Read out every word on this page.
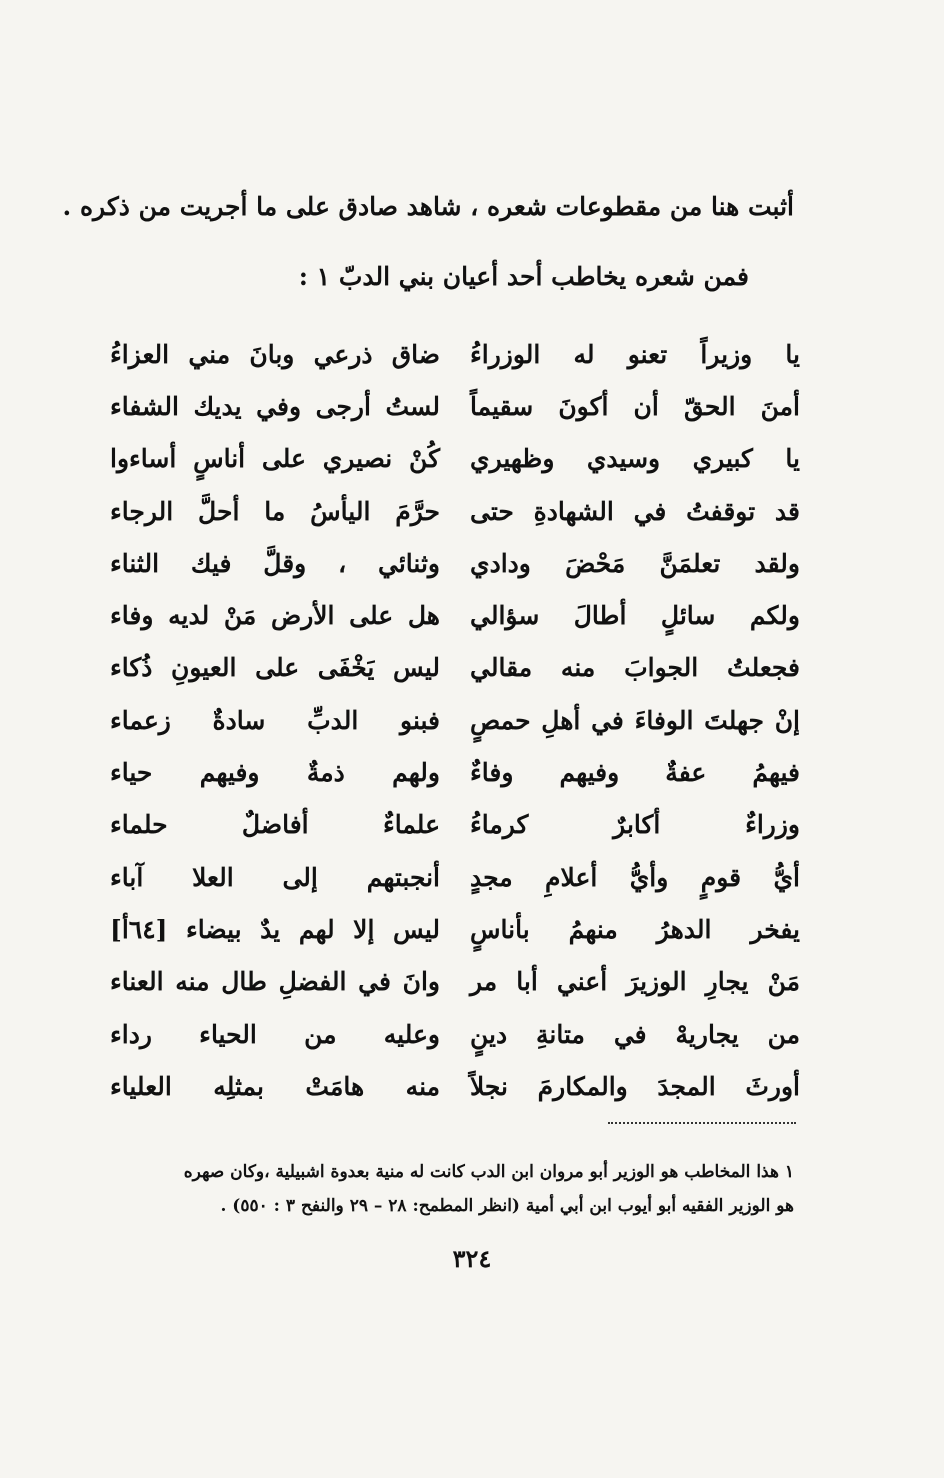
أثبت هنا من مقطوعات شعره ، شاهد صادق على ما أجريت من ذكره .
فمن شعره يخاطب أحد أعيان بني الدبّ ١ :
يا وزيراً تعنو له الوزراءُ
ضاق ذرعي وبانَ مني العزاءُ
أمنَ الحقّ أن أكونَ سقيماً
لستُ أرجى وفي يديك الشفاء
يا كبيري وسيدي وظهيري
كُنْ نصيري على أناسٍ أساءوا
قد توقفتُ في الشهادةِ حتى
حرَّمَ اليأسُ ما أحلَّ الرجاء
ولقد تعلمَنَّ مَحْضَ ودادي
وثنائي ، وقلَّ فيك الثناء
ولكم سائلٍ أطالَ سؤالي
هل على الأرض مَنْ لديه وفاء
فجعلتُ الجوابَ منه مقالي
ليس يَخْفَى على العيونِ ذُكاء
إنْ جهلتَ الوفاءَ في أهلِ حمصٍ
فبنو الدبِّ سادةٌ زعماء
فيهمُ عفةٌ وفيهم وفاءٌ
ولهم ذمةٌ وفيهم حياء
وزراءٌ أكابرٌ كرماءُ
علماءٌ أفاضلٌ حلماء
أيُّ قومٍ وأيُّ أعلامِ مجدٍ
أنجبتهم إلى العلا آباء
يفخر الدهرُ منهمُ بأناسٍ
ليس إلا لهم يدٌ بيضاء [٦٤أ]
مَنْ يجارِ الوزيرَ أعني أبا مر
وانَ في الفضلِ طال منه العناء
من يجاريهْ في متانةِ دينٍ
وعليه من الحياء رداء
أورثَ المجدَ والمكارمَ نجلاً
منه هامَتْ بمثلِه العلياء
١ هذا المخاطب هو الوزير أبو مروان ابن الدب كانت له منية بعدوة اشبيلية ،وكان صهره
هو الوزير الفقيه أبو أيوب ابن أبي أمية (انظر المطمح: ٢٨ – ٢٩ والنفح ٣ : ٥٥٠) .
٣٢٤
